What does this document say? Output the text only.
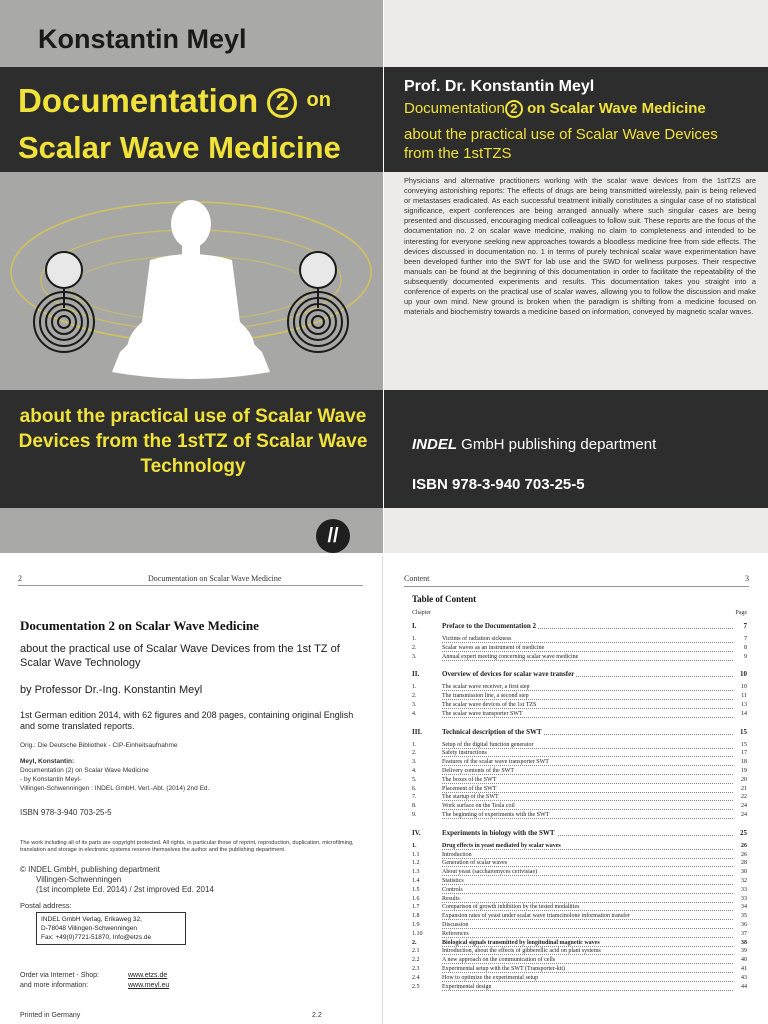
Konstantin Meyl
Documentation 2 on
Scalar Wave Medicine
about the practical use of Scalar Wave Devices from the 1stTZ of Scalar Wave Technology
//
Prof. Dr. Konstantin Meyl
Documentation 2 on Scalar Wave Medicine
about the practical use of Scalar Wave Devices from the 1stTZS
Physicians and alternative practitioners working with the scalar wave devices from the 1stTZS are conveying astonishing reports: The effects of drugs are being transmitted wirelessly, pain is being relieved or metastases eradicated. As each successful treatment initially constitutes a singular case of no statistical significance, expert conferences are being arranged annually where such singular cases are being presented and discussed, encouraging medical colleagues to follow suit. These reports are the focus of the documentation no. 2 on scalar wave medicine, making no claim to completeness and intended to be interesting for everyone seeking new approaches towards a bloodless medicine free from side effects. The devices discussed in documentation no. 1 in terms of purely technical scalar wave experimentation have been developed further into the SWT for lab use and the SWD for wellness purposes. Their respective manuals can be found at the beginning of this documentation in order to facilitate the repeatability of the subsequently documented experiments and results. This documentation takes you straight into a conference of experts on the practical use of scalar waves, allowing you to follow the discussion and make up your own mind. New ground is broken when the paradigm is shifting from a medicine focused on materials and biochemistry towards a medicine based on information, conveyed by magnetic scalar waves.
INDEL GmbH publishing department
ISBN 978-3-940 703-25-5
2	Documentation on Scalar Wave Medicine

Documentation 2 on Scalar Wave Medicine
about the practical use of Scalar Wave Devices from the 1st TZ of Scalar Wave Technology
by Professor Dr.-Ing. Konstantin Meyl
1st German edition 2014, with 62 figures and 208 pages, containing original English and some translated reports.
Orig.: Die Deutsche Bibliothek - CIP-Einheitsaufnahme
Meyl, Konstantin:
Documentation (2) on Scalar Wave Medicine
- by Konstantin Meyl-
Villingen-Schwenningen : INDEL GmbH, Verl.-Abt. (2014) 2nd Ed.
ISBN 978-3-940 703-25-5
The work including all of its parts are copyright protected. All rights, in particular those of reprint, reproduction, duplication, microfilming, translation and storage in electronic systems reserve themselves the author and the publishing department.
© INDEL GmbH, publishing department
Villingen-Schwenningen
(1st incomplete Ed. 2014) / 2st improved Ed. 2014
Postal address:
INDEL GmbH Verlag, Erikaweg 32,
D-78048 Villingen-Schwenningen
Fax: +49(0)7721-51870, Info@etzs.de
Order via Internet - Shop:	www.etzs.de
and more information:	www.meyl.eu
Printed in Germany	2.2
Content	3
Table of Content
Chapter	Page

I.	Preface to the Documentation 2	7
1.	Victims of radiation sickness	7
2.	Scalar waves as an instrument of medicine	8
3.	Annual expert meeting concerning scalar wave medicine	9
II.	Overview of devices for scalar wave transfer	10
1.	The scalar wave receiver, a first step	10
2.	The transmission line, a second step	11
3.	The scalar wave devices of the 1st TZS	13
4.	The scalar wave transporter SWT	14
III.	Technical description of the SWT	15
1.	Setup of the digital function generator	15
2.	Safety instructions	17
3.	Features of the scalar wave transporter SWT	18
4.	Delivery contents of the SWT	19
5.	The boxes of the SWT	20
6.	Placement of the SWT	21
7.	The startup of the SWT	22
8.	Work surface on the Tesla coil	24
9.	The beginning of experiments with the SWT	24
IV.	Experiments in biology with the SWT	25
1.	Drug effects in yeast mediated by scalar waves	26
1.1	Introduction	26
1.2	Generation of scalar waves	28
1.3	About yeast (saccharomyces cerivisiae)	30
1.4	Statistics	32
1.5	Controls	33
1.6	Results	33
1.7	Comparison of growth inhibition by the tested modalities	34
1.8	Expansion rates of yeast under scalar wave triamcinolone information transfer	35
1.9	Discussion	36
1.10	References	37
2.	Biological signals transmitted by longitudinal magnetic waves	38
2.1	Introduction, about the effects of gibberellic acid on plant systems	39
2.2	A new approach on the communication of cells	40
2.3	Experimental setup with the SWT (Transporter-kit)	41
2.4	How to optimize the experimental setup	43
2.5	Experimental design	44
